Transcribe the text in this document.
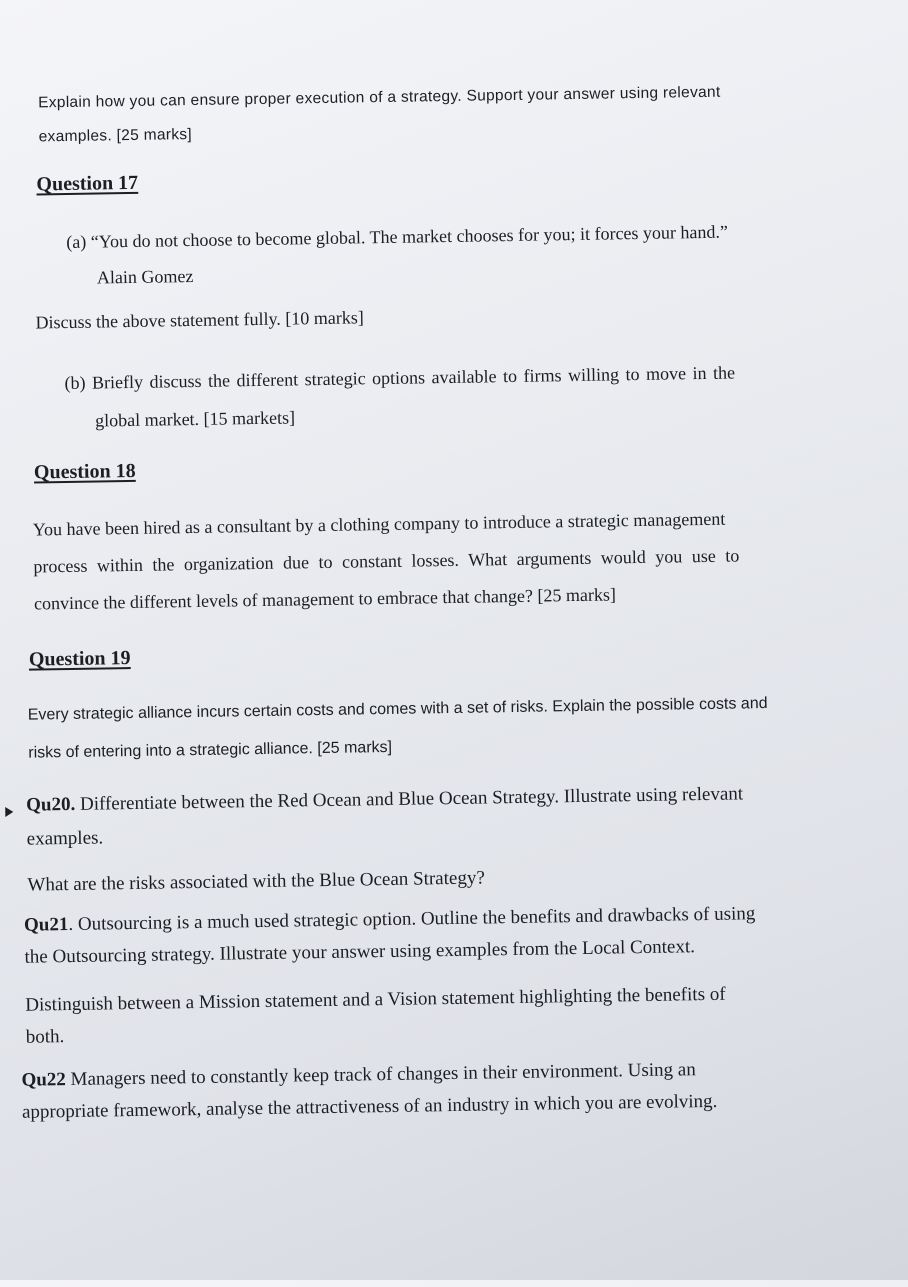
Explain how you can ensure proper execution of a strategy. Support your answer using relevant

examples. [25 marks]

Question 17

(a) “You do not choose to become global. The market chooses for you; it forces your hand.”

Alain Gomez

Discuss the above statement fully. [10 marks]

(b) Briefly discuss the different strategic options available to firms willing to move in the

global market. [15 markets]

Question 18

You have been hired as a consultant by a clothing company to introduce a strategic management

process within the organization due to constant losses. What arguments would you use to

convince the different levels of management to embrace that change? [25 marks]

Question 19

Every strategic alliance incurs certain costs and comes with a set of risks. Explain the possible costs and

risks of entering into a strategic alliance. [25 marks]

Qu20. Differentiate between the Red Ocean and Blue Ocean Strategy. Illustrate using relevant

examples.

What are the risks associated with the Blue Ocean Strategy?

Qu21. Outsourcing is a much used strategic option. Outline the benefits and drawbacks of using

the Outsourcing strategy. Illustrate your answer using examples from the Local Context.

Distinguish between a Mission statement and a Vision statement highlighting the benefits of

both.

Qu22 Managers need to constantly keep track of changes in their environment. Using an

appropriate framework, analyse the attractiveness of an industry in which you are evolving.
